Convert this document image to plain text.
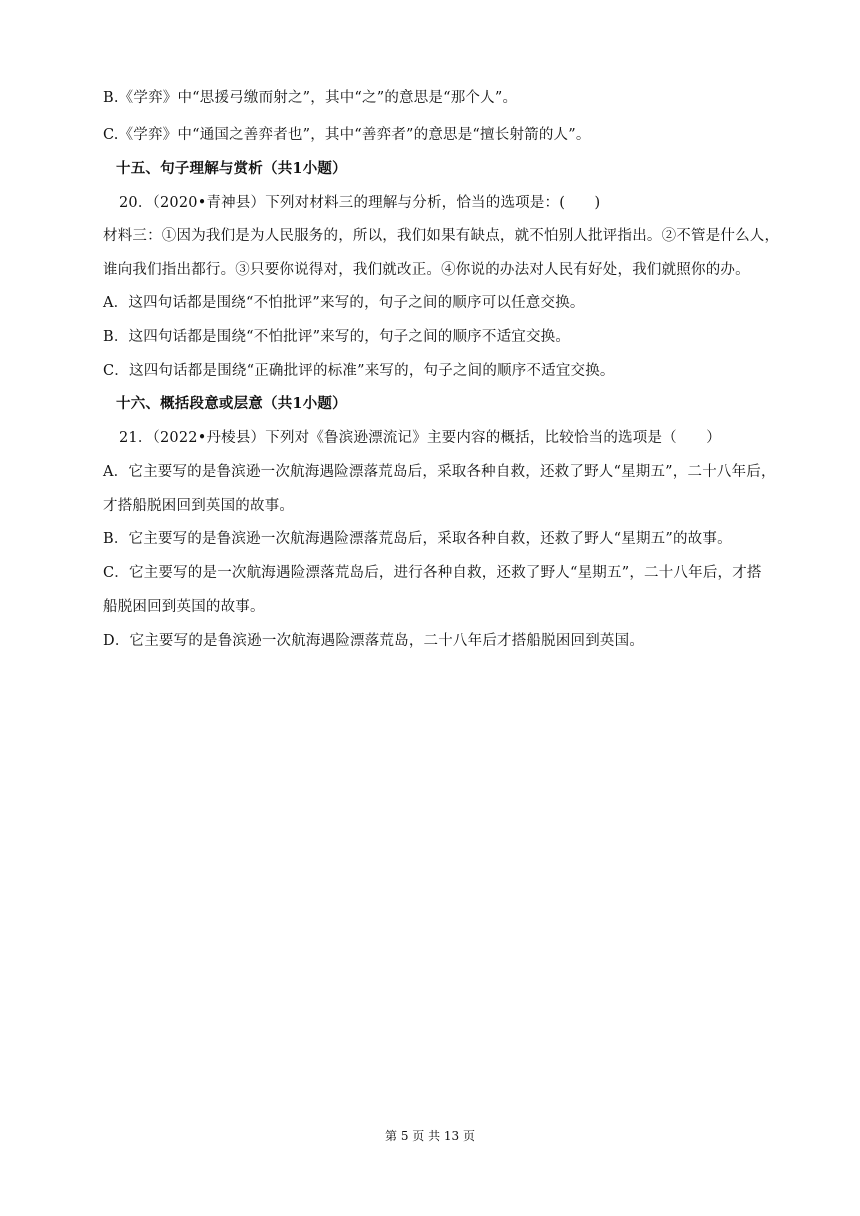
B.《学弈》中“思援弓缴而射之”，其中“之”的意思是“那个人”。
C.《学弈》中“通国之善弈者也”，其中“善弈者”的意思是“擅长射箭的人”。
十五、句子理解与赏析（共1小题）
20．（2020•青神县）下列对材料三的理解与分析，恰当的选项是：(　　)
材料三：①因为我们是为人民服务的，所以，我们如果有缺点，就不怕别人批评指出。②不管是什么人，
谁向我们指出都行。③只要你说得对，我们就改正。④你说的办法对人民有好处，我们就照你的办。
A．这四句话都是围绕“不怕批评”来写的，句子之间的顺序可以任意交换。
B．这四句话都是围绕“不怕批评”来写的，句子之间的顺序不适宜交换。
C．这四句话都是围绕“正确批评的标准”来写的，句子之间的顺序不适宜交换。
十六、概括段意或层意（共1小题）
21．（2022•丹棱县）下列对《鲁滨逊漂流记》主要内容的概括，比较恰当的选项是（　　）
A．它主要写的是鲁滨逊一次航海遇险漂落荒岛后，采取各种自救，还救了野人“星期五”，二十八年后，
才搭船脱困回到英国的故事。
B．它主要写的是鲁滨逊一次航海遇险漂落荒岛后，采取各种自救，还救了野人“星期五”的故事。
C．它主要写的是一次航海遇险漂落荒岛后，进行各种自救，还救了野人“星期五”，二十八年后，才搭
船脱困回到英国的故事。
D．它主要写的是鲁滨逊一次航海遇险漂落荒岛，二十八年后才搭船脱困回到英国。
第 5 页 共 13 页
